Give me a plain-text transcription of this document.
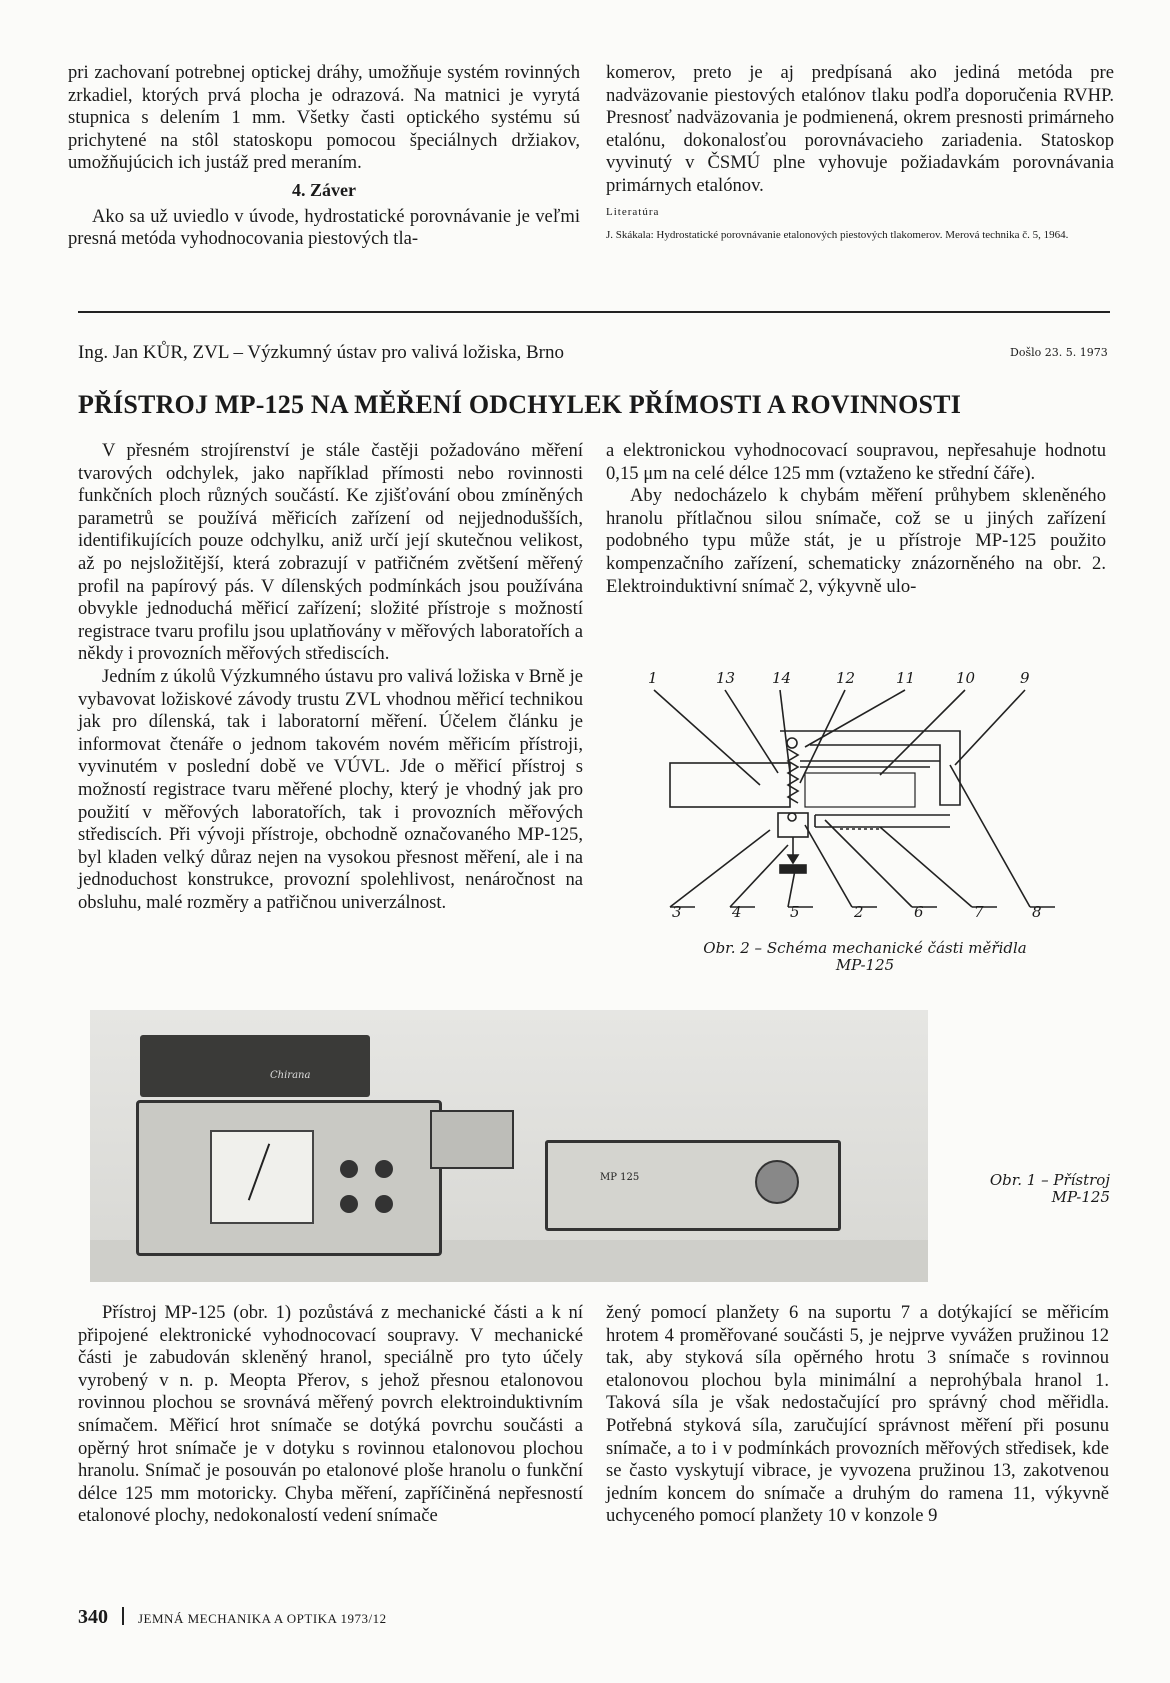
pri zachovaní potrebnej optickej dráhy, umožňuje systém rovinných zrkadiel, ktorých prvá plocha je odrazová. Na matnici je vyrytá stupnica s delením 1 mm. Všetky časti optického systému sú prichytené na stôl statoskopu pomocou špeciálnych držiakov, umožňujúcich ich justáž pred meraním.

4. Záver

Ako sa už uviedlo v úvode, hydrostatické porovnávanie je veľmi presná metóda vyhodnocovania piestových tla-

komerov, preto je aj predpísaná ako jediná metóda pre nadväzovanie piestových etalónov tlaku podľa doporučenia RVHP. Presnosť nadväzovania je podmienená, okrem presnosti primárneho etalónu, dokonalosťou porovnávacieho zariadenia. Statoskop vyvinutý v ČSMÚ plne vyhovuje požiadavkám porovnávania primárnych etalónov.

Literatúra
J. Skákala: Hydrostatické porovnávanie etalonových piestových tlakomerov. Merová technika č. 5, 1964.
Ing. Jan KŮR, ZVL – Výzkumný ústav pro valivá ložiska, Brno	Došlo 23. 5. 1973
PŘÍSTROJ MP-125 NA MĚŘENÍ ODCHYLEK PŘÍMOSTI A ROVINNOSTI

V přesném strojírenství je stále častěji požadováno měření tvarových odchylek, jako například přímosti nebo rovinnosti funkčních ploch různých součástí. Ke zjišťování obou zmíněných parametrů se používá měřicích zařízení od nejjednodušších, identifikujících pouze odchylku, aniž určí její skutečnou velikost, až po nejsložitější, která zobrazují v patřičném zvětšení měřený profil na papírový pás. V dílenských podmínkách jsou používána obvykle jednoduchá měřicí zařízení; složité přístroje s možností registrace tvaru profilu jsou uplatňovány v měřových laboratořích a někdy i provozních měřových střediscích.

Jedním z úkolů Výzkumného ústavu pro valivá ložiska v Brně je vybavovat ložiskové závody trustu ZVL vhodnou měřicí technikou jak pro dílenská, tak i laboratorní měření. Účelem článku je informovat čtenáře o jednom takovém novém měřicím přístroji, vyvinutém v poslední době ve VÚVL. Jde o měřicí přístroj s možností registrace tvaru měřené plochy, který je vhodný jak pro použití v měřových laboratořích, tak i provozních měřových střediscích. Při vývoji přístroje, obchodně označovaného MP-125, byl kladen velký důraz nejen na vysokou přesnost měření, ale i na jednoduchost konstrukce, provozní spolehlivost, nenáročnost na obsluhu, malé rozměry a patřičnou univerzálnost.

a elektronickou vyhodnocovací soupravou, nepřesahuje hodnotu 0,15 μm na celé délce 125 mm (vztaženo ke střední čáře).

Aby nedocházelo k chybám měření průhybem skleněného hranolu přítlačnou silou snímače, což se u jiných zařízení podobného typu může stát, je u přístroje MP-125 použito kompenzačního zařízení, schematicky znázorněného na obr. 2. Elektroinduktivní snímač 2, výkyvně ulo-

1	13 14	12	11	10	9
3	4	5	2	6	7	8
Obr. 2 – Schéma mechanické části měřidla
MP-125
Chirana
MP 125	Obr. 1 – Přístroj
MP-125

Přístroj MP-125 (obr. 1) pozůstává z mechanické části a k ní připojené elektronické vyhodnocovací soupravy. V mechanické části je zabudován skleněný hranol, speciálně pro tyto účely vyrobený v n. p. Meopta Přerov, s jehož přesnou etalonovou rovinnou plochou se srovnává měřený povrch elektroinduktivním snímačem. Měřicí hrot snímače se dotýká povrchu součásti a opěrný hrot snímače je v dotyku s rovinnou etalonovou plochou hranolu. Snímač je posouván po etalonové ploše hranolu o funkční délce 125 mm motoricky. Chyba měření, zapříčiněná nepřesností etalonové plochy, nedokonalostí vedení snímače

žený pomocí planžety 6 na suportu 7 a dotýkající se měřicím hrotem 4 proměřované součásti 5, je nejprve vyvážen pružinou 12 tak, aby styková síla opěrného hrotu 3 snímače s rovinnou etalonovou plochou byla minimální a neprohýbala hranol 1. Taková síla je však nedostačující pro správný chod měřidla. Potřebná styková síla, zaručující správnost měření při posunu snímače, a to i v podmínkách provozních měřových středisek, kde se často vyskytují vibrace, je vyvozena pružinou 13, zakotvenou jedním koncem do snímače a druhým do ramena 11, výkyvně uchyceného pomocí planžety 10 v konzole 9

340 JEMNÁ MECHANIKA A OPTIKA 1973/12
